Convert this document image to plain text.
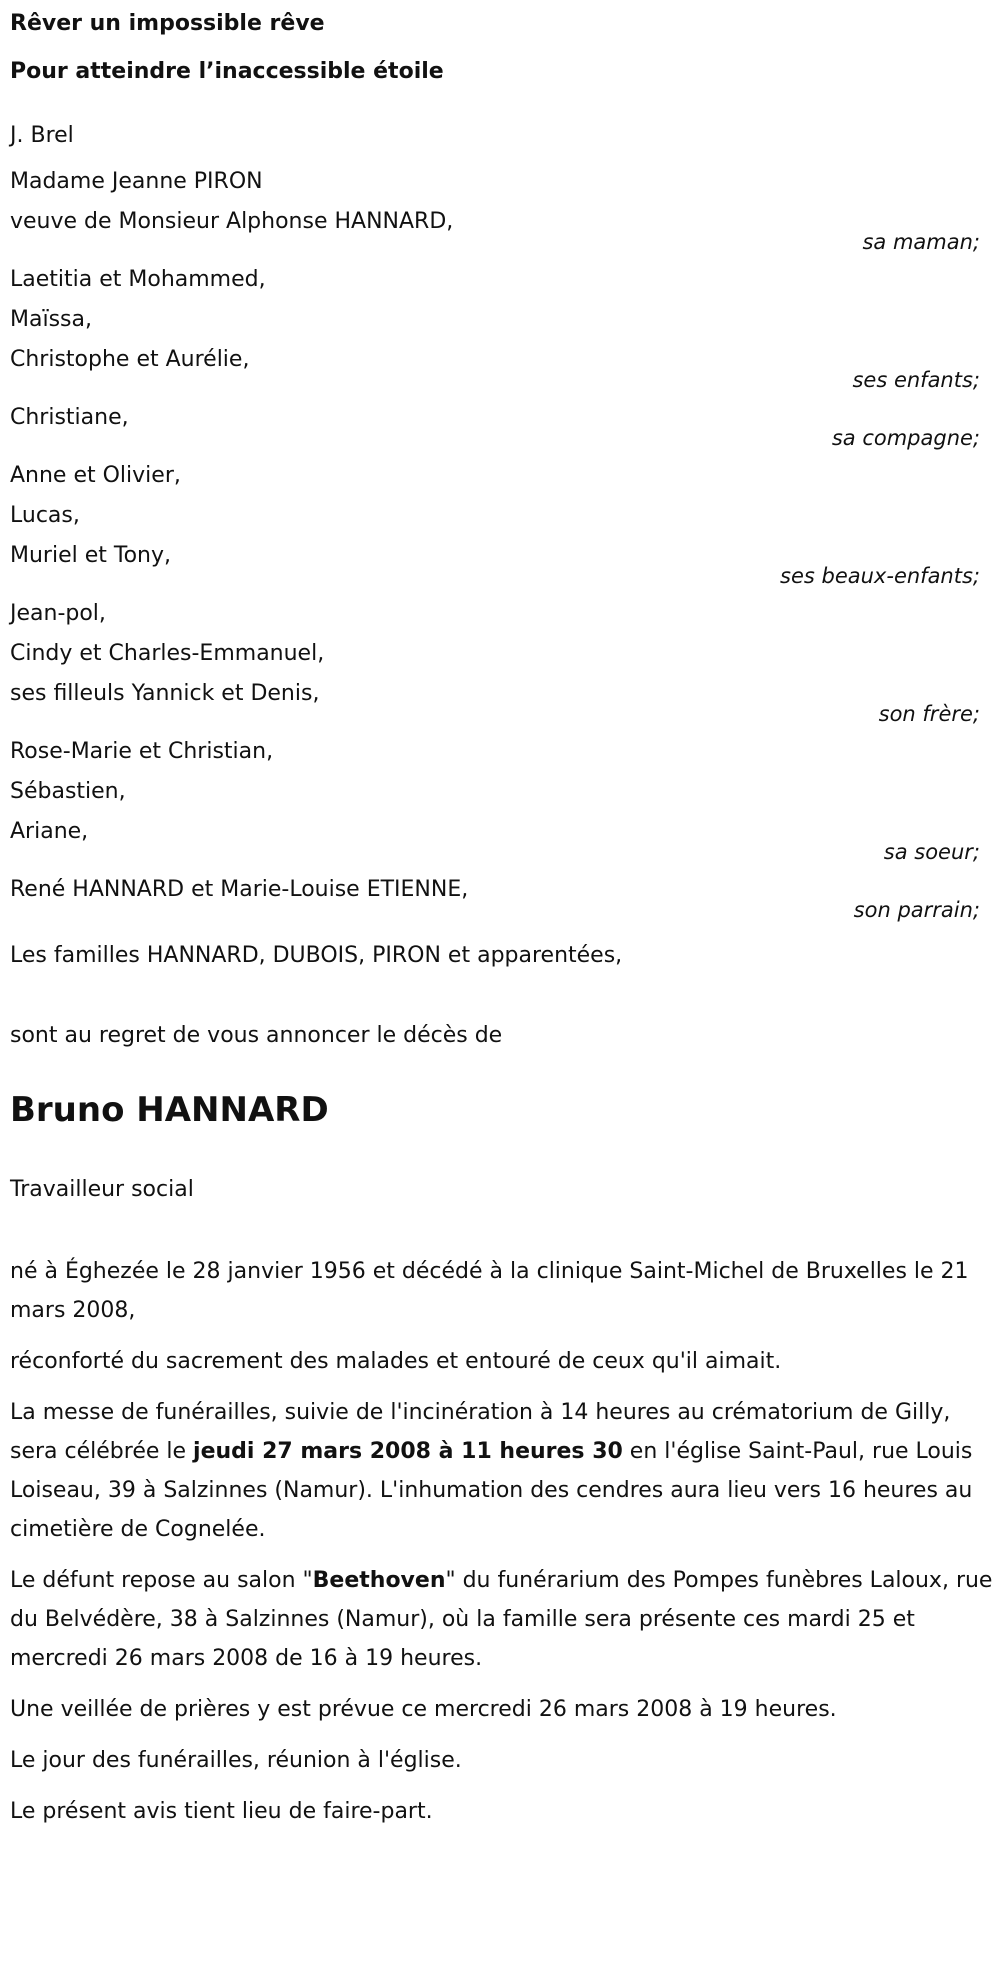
Rêver un impossible rêve

Pour atteindre l’inaccessible étoile

J. Brel
Madame Jeanne PIRON
veuve de Monsieur Alphonse HANNARD,
sa maman;
Laetitia et Mohammed,
Maïssa,
Christophe et Aurélie,
ses enfants;
Christiane,
sa compagne;
Anne et Olivier,
Lucas,
Muriel et Tony,
ses beaux-enfants;
Jean-pol,
Cindy et Charles-Emmanuel,
ses filleuls Yannick et Denis,
son frère;
Rose-Marie et Christian,
Sébastien,
Ariane,
sa soeur;
René HANNARD et Marie-Louise ETIENNE,
son parrain;
Les familles HANNARD, DUBOIS, PIRON et apparentées,
sont au regret de vous annoncer le décès de
Bruno HANNARD
Travailleur social

né à Éghezée le 28 janvier 1956 et décédé à la clinique Saint-Michel de Bruxelles le 21 mars 2008,

réconforté du sacrement des malades et entouré de ceux qu'il aimait.

La messe de funérailles, suivie de l'incinération à 14 heures au crématorium de Gilly, sera célébrée le jeudi 27 mars 2008 à 11 heures 30 en l'église Saint-Paul, rue Louis Loiseau, 39 à Salzinnes (Namur). L'inhumation des cendres aura lieu vers 16 heures au cimetière de Cognelée.

Le défunt repose au salon "Beethoven" du funérarium des Pompes funèbres Laloux, rue du Belvédère, 38 à Salzinnes (Namur), où la famille sera présente ces mardi 25 et mercredi 26 mars 2008 de 16 à 19 heures.

Une veillée de prières y est prévue ce mercredi 26 mars 2008 à 19 heures.

Le jour des funérailles, réunion à l'église.

Le présent avis tient lieu de faire-part.
